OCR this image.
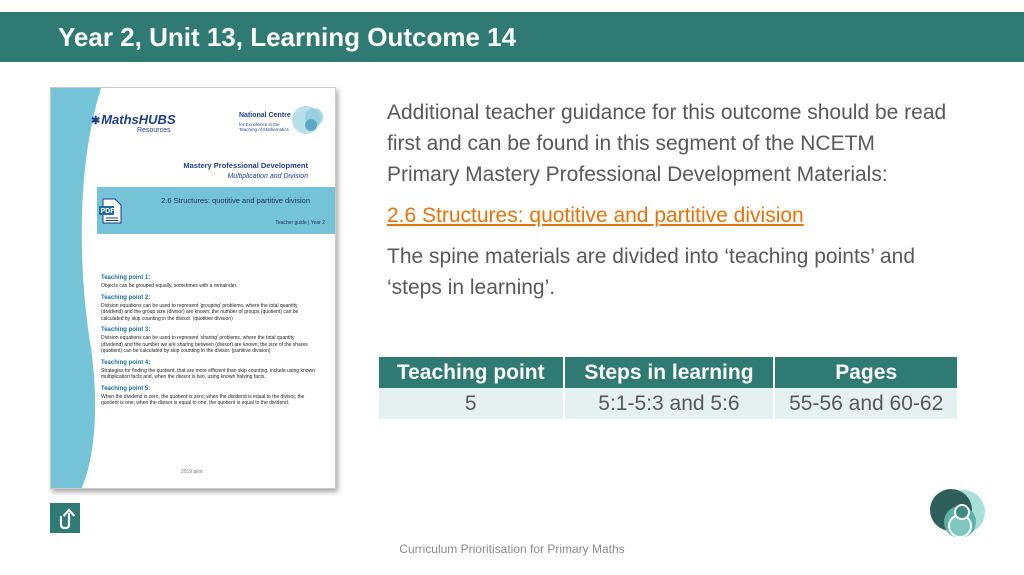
Year 2, Unit 13, Learning Outcome 14
✱MathsHUBS
Resources
National Centre
for Excellence in the Teaching of Mathematics
Mastery Professional Development
Multiplication and Division
2.6 Structures: quotitive and partitive division
Teacher guide | Year 2
PDF
Teaching point 1:
Objects can be grouped equally, sometimes with a remainder.
Teaching point 2:
Division equations can be used to represent 'grouping' problems, where the total quantity (dividend) and the group size (divisor) are known; the number of groups (quotient) can be calculated by skip counting in the divisor. (quotitive division)
Teaching point 3:
Division equations can be used to represent 'sharing' problems, where the total quantity (dividend) and the number we are sharing between (divisor) are known; the size of the shares (quotient) can be calculated by skip counting in the divisor. (partitive division)
Teaching point 4:
Strategies for finding the quotient, that are more efficient than skip counting, include using known multiplication facts and, when the divisor is two, using known halving facts.
Teaching point 5:
When the dividend is zero, the quotient is zero; when the dividend is equal to the divisor, the quotient is one; when the divisor is equal to one, the quotient is equal to the dividend.
2019 pilot
Additional teacher guidance for this outcome should be read first and can be found in this segment of the NCETM Primary Mastery Professional Development Materials:
2.6 Structures: quotitive and partitive division
The spine materials are divided into ‘teaching points’ and ‘steps in learning’.
Teaching point	Steps in learning	Pages
5	5:1-5:3 and 5:6	55-56 and 60-62
Curriculum Prioritisation for Primary Maths
